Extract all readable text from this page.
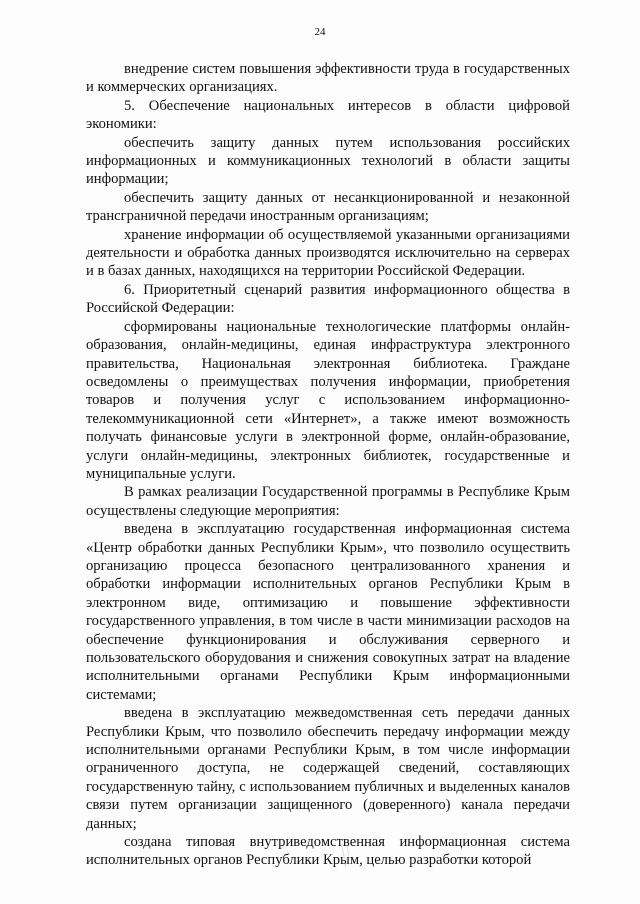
24

внедрение систем повышения эффективности труда в государственных и коммерческих организациях.

5. Обеспечение национальных интересов в области цифровой экономики:

обеспечить защиту данных путем использования российских информационных и коммуникационных технологий в области защиты информации;

обеспечить защиту данных от несанкционированной и незаконной трансграничной передачи иностранным организациям;

хранение информации об осуществляемой указанными организациями деятельности и обработка данных производятся исключительно на серверах и в базах данных, находящихся на территории Российской Федерации.

6. Приоритетный сценарий развития информационного общества в Российской Федерации:

сформированы национальные технологические платформы онлайн-образования, онлайн-медицины, единая инфраструктура электронного правительства, Национальная электронная библиотека. Граждане осведомлены о преимуществах получения информации, приобретения товаров и получения услуг с использованием информационно-телекоммуникационной сети «Интернет», а также имеют возможность получать финансовые услуги в электронной форме, онлайн-образование, услуги онлайн-медицины, электронных библиотек, государственные и муниципальные услуги.

В рамках реализации Государственной программы в Республике Крым осуществлены следующие мероприятия:

введена в эксплуатацию государственная информационная система «Центр обработки данных Республики Крым», что позволило осуществить организацию процесса безопасного централизованного хранения и обработки информации исполнительных органов Республики Крым в электронном виде, оптимизацию и повышение эффективности государственного управления, в том числе в части минимизации расходов на обеспечение функционирования и обслуживания серверного и пользовательского оборудования и снижения совокупных затрат на владение исполнительными органами Республики Крым информационными системами;

введена в эксплуатацию межведомственная сеть передачи данных Республики Крым, что позволило обеспечить передачу информации между исполнительными органами Республики Крым, в том числе информации ограниченного доступа, не содержащей сведений, составляющих государственную тайну, с использованием публичных и выделенных каналов связи путем организации защищенного (доверенного) канала передачи данных;

создана типовая внутриведомственная информационная система исполнительных органов Республики Крым, целью разработки которой
